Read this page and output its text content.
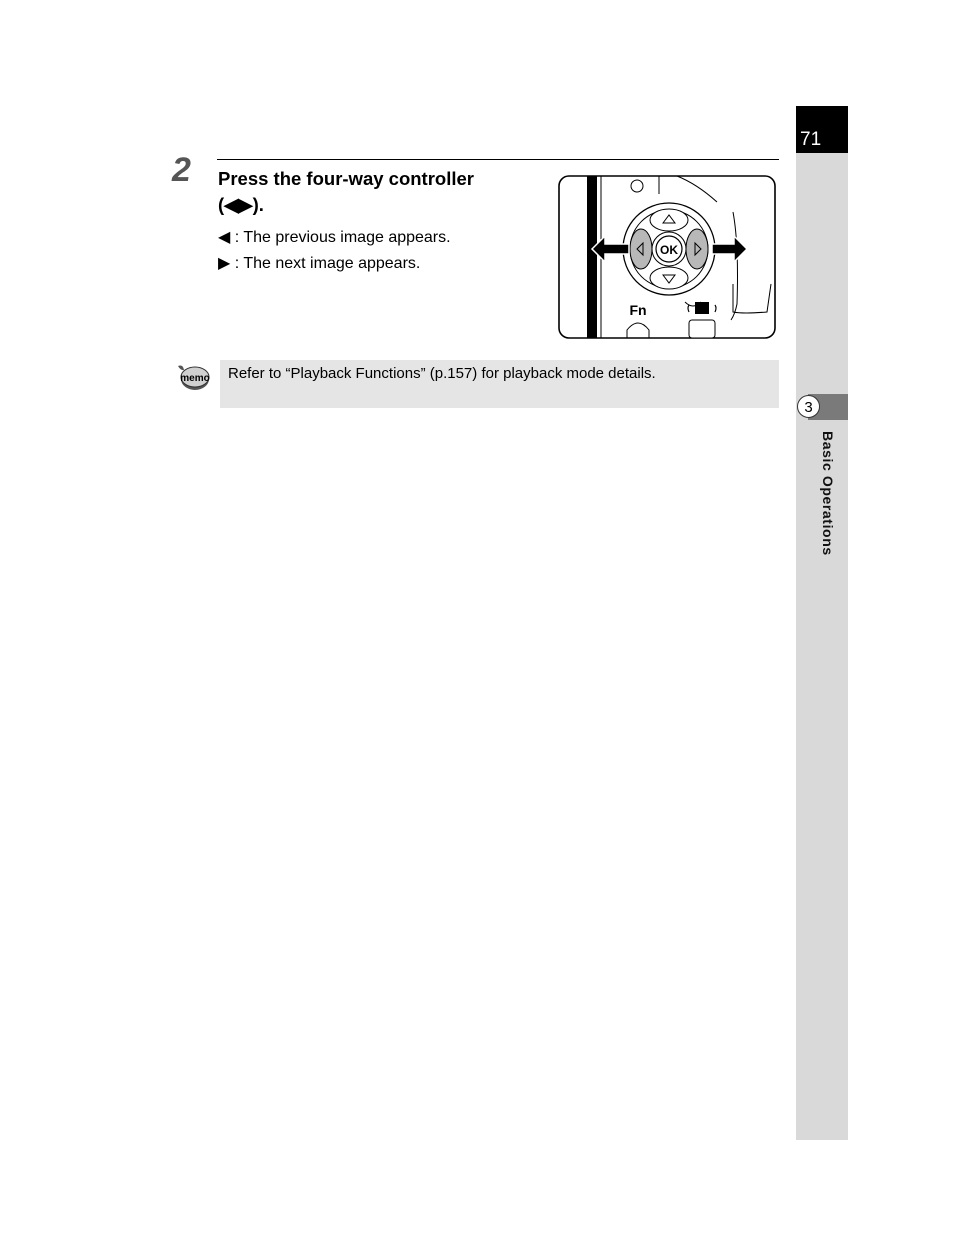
71
3
Basic Operations
2 Press the four-way controller (◀▶).
◀ : The previous image appears.
▶ : The next image appears.
OK
Fn
memo	Refer to “Playback Functions” (p.157) for playback mode details.
